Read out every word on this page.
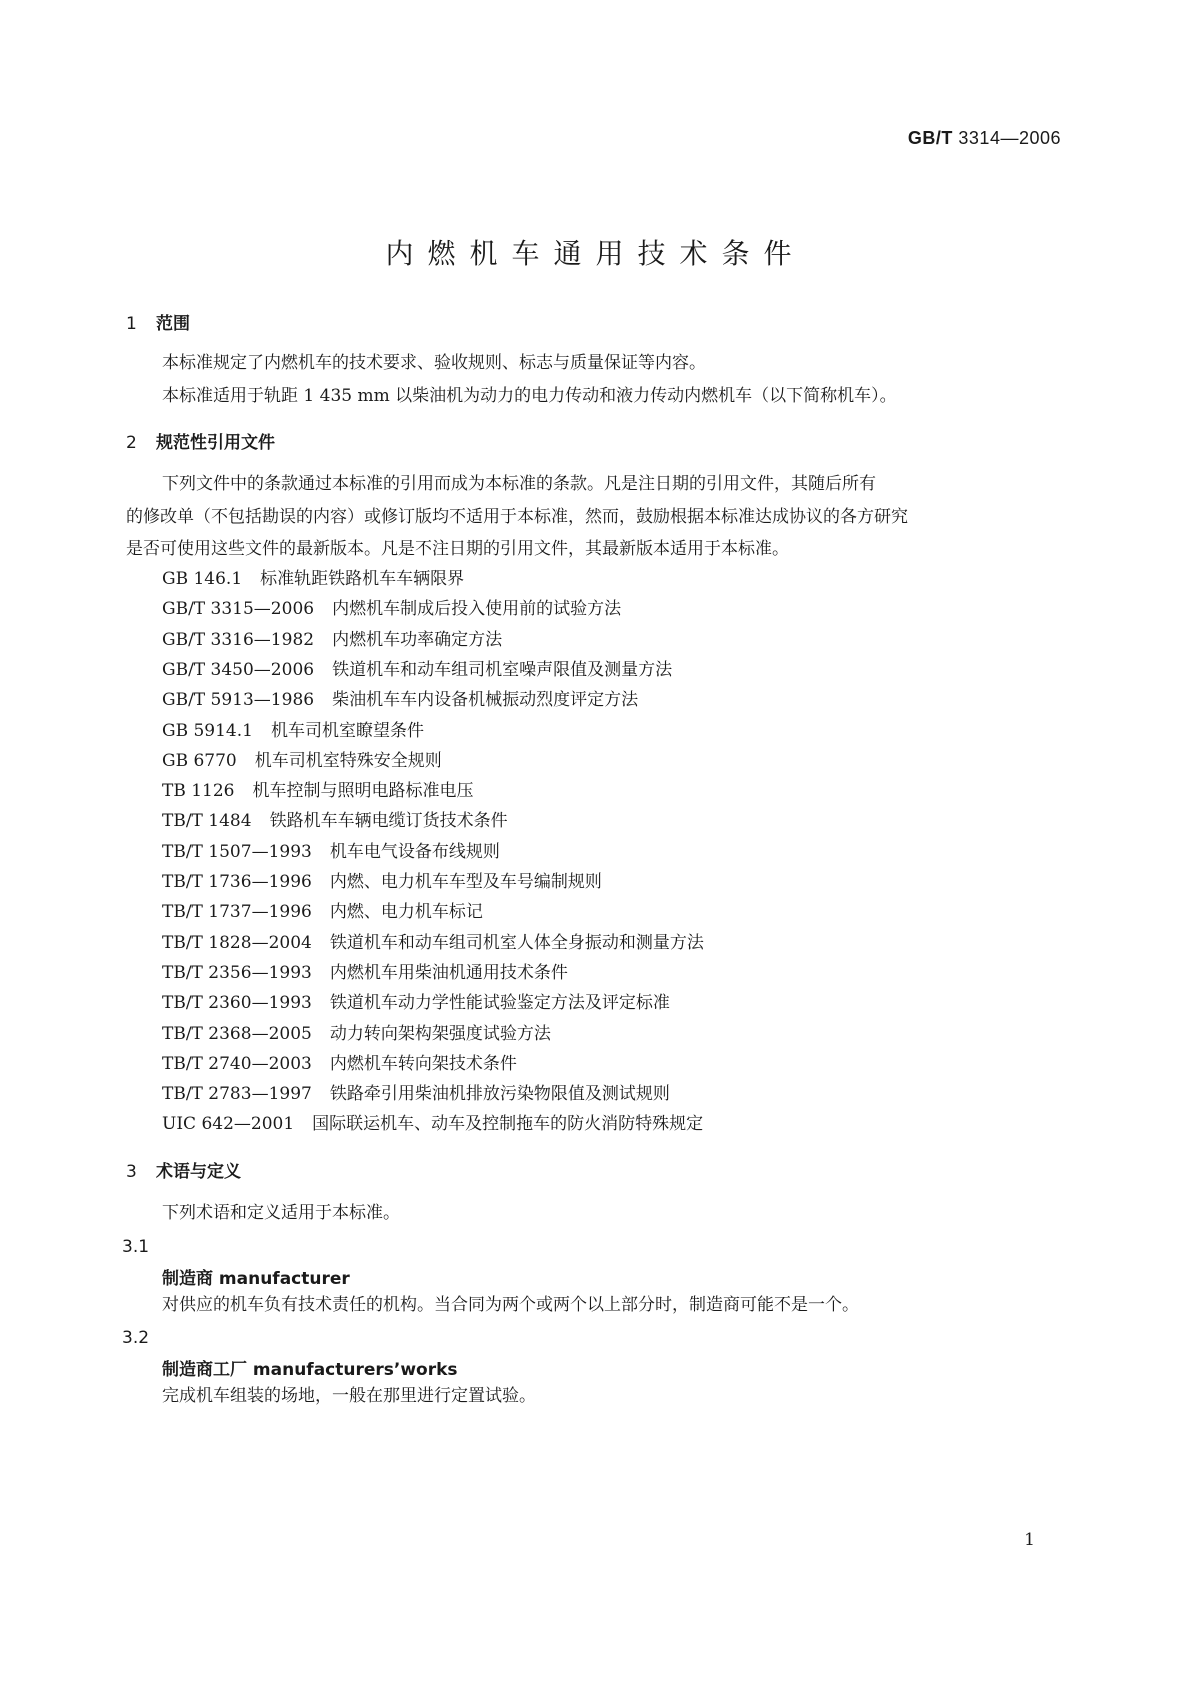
GB/T 3314—2006
内燃机车通用技术条件
1 范围
本标准规定了内燃机车的技术要求、验收规则、标志与质量保证等内容。
本标准适用于轨距 1 435 mm 以柴油机为动力的电力传动和液力传动内燃机车（以下简称机车）。
2 规范性引用文件
下列文件中的条款通过本标准的引用而成为本标准的条款。凡是注日期的引用文件，其随后所有
的修改单（不包括勘误的内容）或修订版均不适用于本标准，然而，鼓励根据本标准达成协议的各方研究
是否可使用这些文件的最新版本。凡是不注日期的引用文件，其最新版本适用于本标准。
GB 146.1 标准轨距铁路机车车辆限界
GB/T 3315—2006 内燃机车制成后投入使用前的试验方法
GB/T 3316—1982 内燃机车功率确定方法
GB/T 3450—2006 铁道机车和动车组司机室噪声限值及测量方法
GB/T 5913—1986 柴油机车车内设备机械振动烈度评定方法
GB 5914.1 机车司机室瞭望条件
GB 6770 机车司机室特殊安全规则
TB 1126 机车控制与照明电路标准电压
TB/T 1484 铁路机车车辆电缆订货技术条件
TB/T 1507—1993 机车电气设备布线规则
TB/T 1736—1996 内燃、电力机车车型及车号编制规则
TB/T 1737—1996 内燃、电力机车标记
TB/T 1828—2004 铁道机车和动车组司机室人体全身振动和测量方法
TB/T 2356—1993 内燃机车用柴油机通用技术条件
TB/T 2360—1993 铁道机车动力学性能试验鉴定方法及评定标准
TB/T 2368—2005 动力转向架构架强度试验方法
TB/T 2740—2003 内燃机车转向架技术条件
TB/T 2783—1997 铁路牵引用柴油机排放污染物限值及测试规则
UIC 642—2001 国际联运机车、动车及控制拖车的防火消防特殊规定
3 术语与定义
下列术语和定义适用于本标准。
3.1
制造商 manufacturer
对供应的机车负有技术责任的机构。当合同为两个或两个以上部分时，制造商可能不是一个。
3.2
制造商工厂 manufacturers’works
完成机车组装的场地，一般在那里进行定置试验。
1
